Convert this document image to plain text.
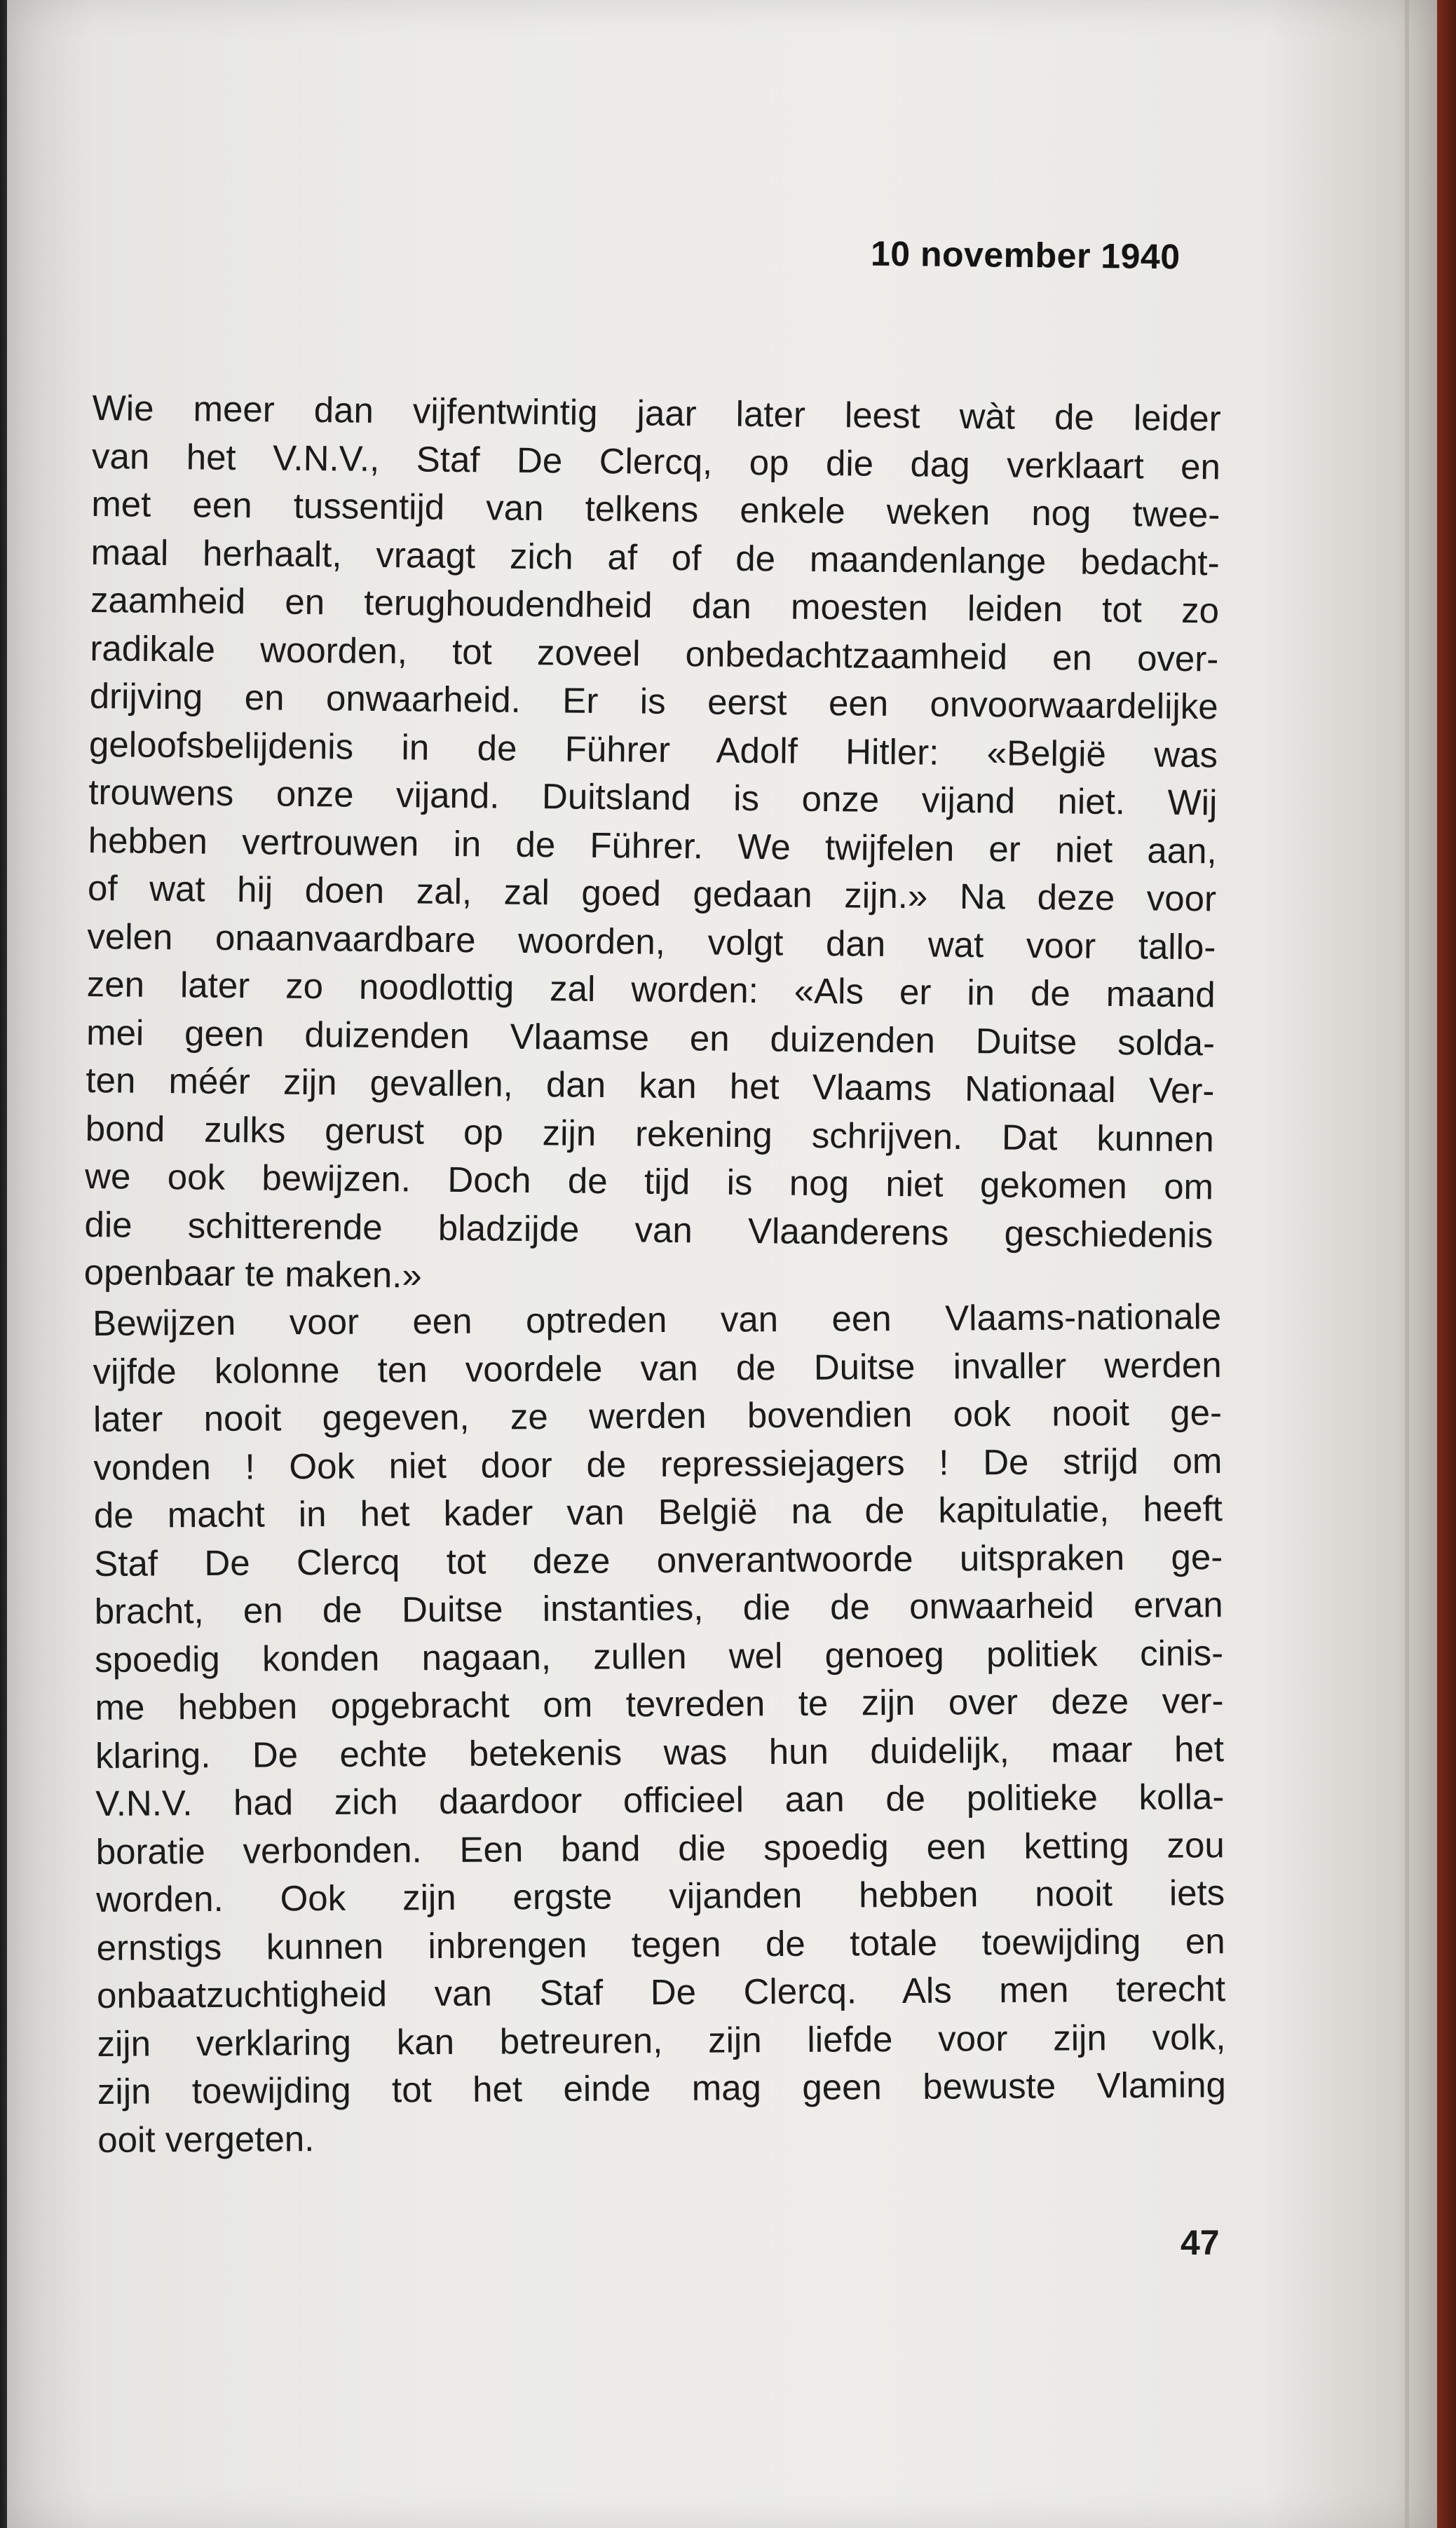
10 november 1940
Wie meer dan vijfentwintig jaar later leest wàt de leider
van het V.N.V., Staf De Clercq, op die dag verklaart en
met een tussentijd van telkens enkele weken nog twee-
maal herhaalt, vraagt zich af of de maandenlange bedacht-
zaamheid en terughoudendheid dan moesten leiden tot zo
radikale woorden, tot zoveel onbedachtzaamheid en over-
drijving en onwaarheid. Er is eerst een onvoorwaardelijke
geloofsbelijdenis in de Führer Adolf Hitler: «België was
trouwens onze vijand. Duitsland is onze vijand niet. Wij
hebben vertrouwen in de Führer. We twijfelen er niet aan,
of wat hij doen zal, zal goed gedaan zijn.» Na deze voor
velen onaanvaardbare woorden, volgt dan wat voor tallo-
zen later zo noodlottig zal worden: «Als er in de maand
mei geen duizenden Vlaamse en duizenden Duitse solda-
ten méér zijn gevallen, dan kan het Vlaams Nationaal Ver-
bond zulks gerust op zijn rekening schrijven. Dat kunnen
we ook bewijzen. Doch de tijd is nog niet gekomen om
die schitterende bladzijde van Vlaanderens geschiedenis
openbaar te maken.»
Bewijzen voor een optreden van een Vlaams-nationale
vijfde kolonne ten voordele van de Duitse invaller werden
later nooit gegeven, ze werden bovendien ook nooit ge-
vonden ! Ook niet door de repressiejagers ! De strijd om
de macht in het kader van België na de kapitulatie, heeft
Staf De Clercq tot deze onverantwoorde uitspraken ge-
bracht, en de Duitse instanties, die de onwaarheid ervan
spoedig konden nagaan, zullen wel genoeg politiek cinis-
me hebben opgebracht om tevreden te zijn over deze ver-
klaring. De echte betekenis was hun duidelijk, maar het
V.N.V. had zich daardoor officieel aan de politieke kolla-
boratie verbonden. Een band die spoedig een ketting zou
worden. Ook zijn ergste vijanden hebben nooit iets
ernstigs kunnen inbrengen tegen de totale toewijding en
onbaatzuchtigheid van Staf De Clercq. Als men terecht
zijn verklaring kan betreuren, zijn liefde voor zijn volk,
zijn toewijding tot het einde mag geen bewuste Vlaming
ooit vergeten.
47
